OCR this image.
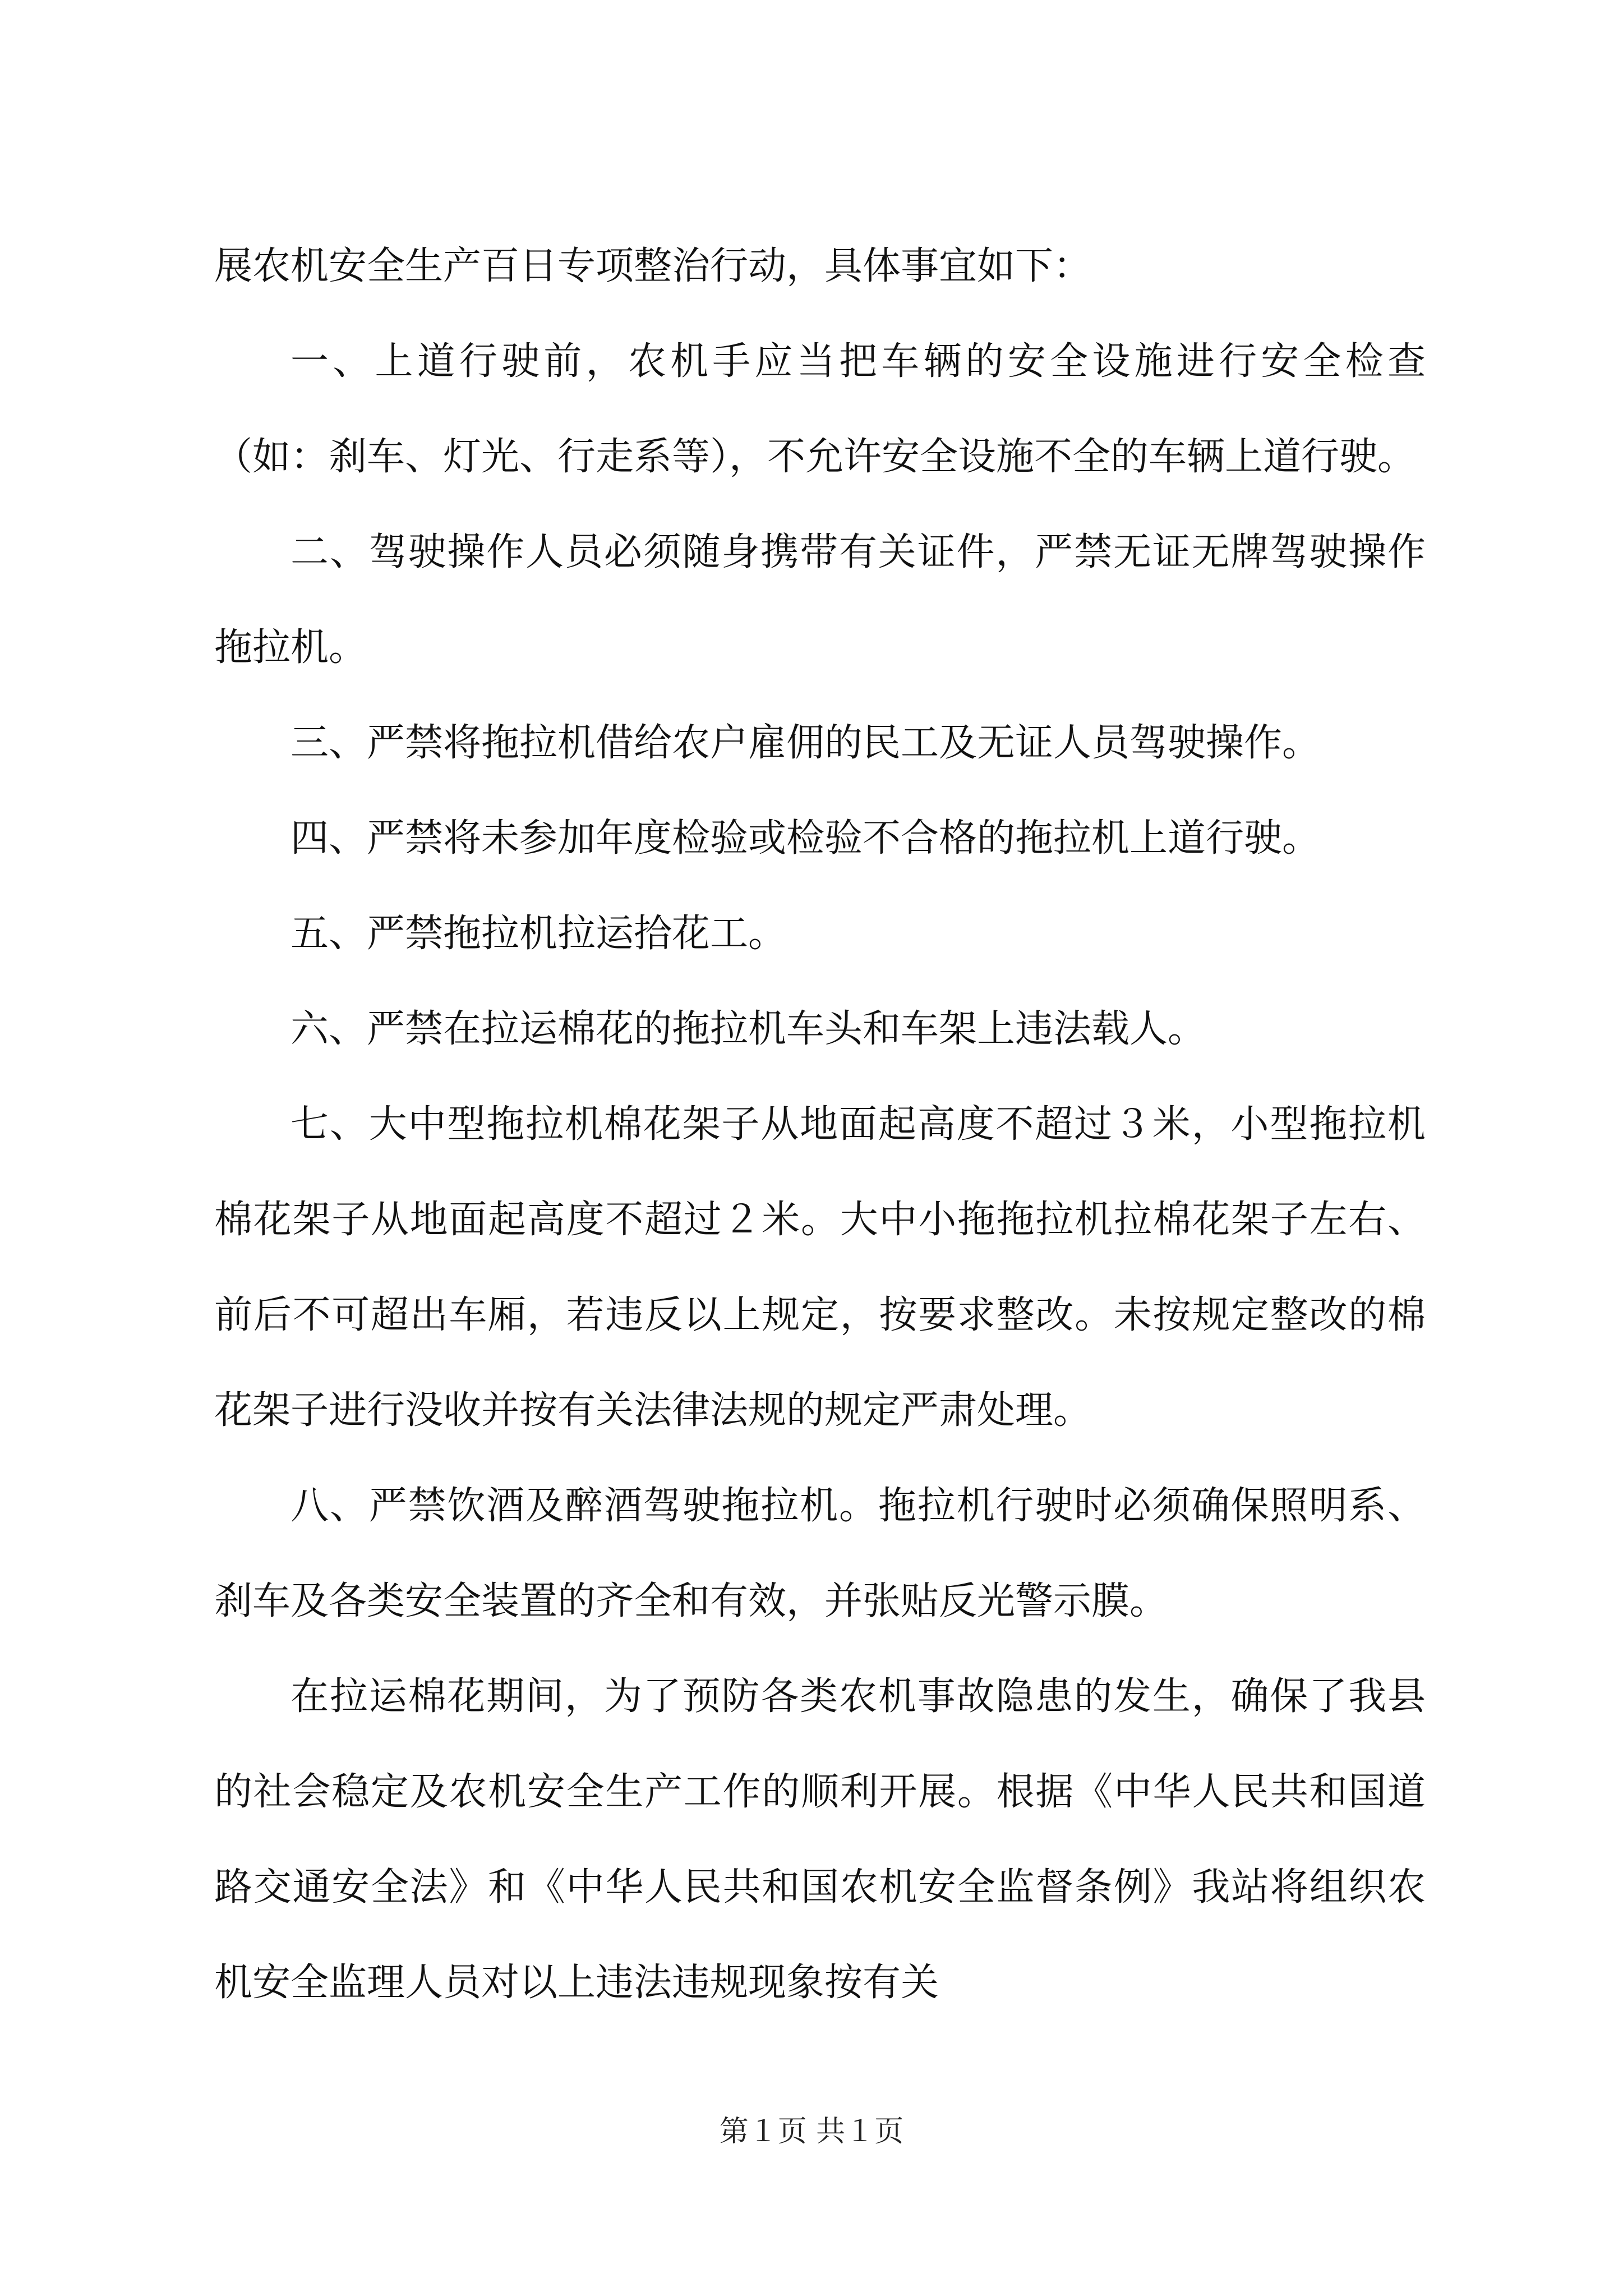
展农机安全生产百日专项整治行动，具体事宜如下：

一、上道行驶前，农机手应当把车辆的安全设施进行安全检查（如：刹车、灯光、行走系等），不允许安全设施不全的车辆上道行驶。

二、驾驶操作人员必须随身携带有关证件，严禁无证无牌驾驶操作拖拉机。

三、严禁将拖拉机借给农户雇佣的民工及无证人员驾驶操作。

四、严禁将未参加年度检验或检验不合格的拖拉机上道行驶。

五、严禁拖拉机拉运拾花工。

六、严禁在拉运棉花的拖拉机车头和车架上违法载人。

七、大中型拖拉机棉花架子从地面起高度不超过３米，小型拖拉机棉花架子从地面起高度不超过２米。大中小拖拖拉机拉棉花架子左右、前后不可超出车厢，若违反以上规定，按要求整改。未按规定整改的棉花架子进行没收并按有关法律法规的规定严肃处理。

八、严禁饮酒及醉酒驾驶拖拉机。拖拉机行驶时必须确保照明系、刹车及各类安全装置的齐全和有效，并张贴反光警示膜。

在拉运棉花期间，为了预防各类农机事故隐患的发生，确保了我县的社会稳定及农机安全生产工作的顺利开展。根据《中华人民共和国道路交通安全法》和《中华人民共和国农机安全监督条例》我站将组织农机安全监理人员对以上违法违规现象按有关

第１页 共１页
